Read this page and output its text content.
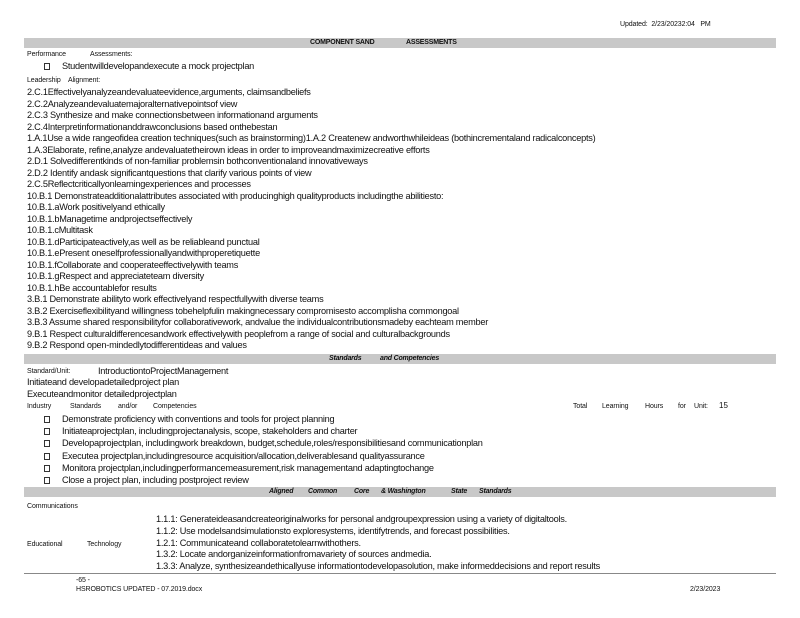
Updated: 2/23/20232:04 PM
COMPONENT SAND	ASSESSMENTS
Performance	Assessments:
Studentwilldevelopandexecute a mock projectplan
Leadership Alignment:
2.C.1Effectivelyanalyzeandevaluateevidence,arguments, claimsandbeliefs
2.C.2Analyzeandevaluatemajoralternativepointsof view
2.C.3 Synthesize and make connectionsbetween informationand arguments
2.C.4Interpretinformationanddrawconclusions based onthebestan
1.A.1Use a wide rangeofidea creation techniques(such as brainstorming)1.A.2 Createnew andworthwhileideas (bothincrementaland radicalconcepts)
1.A.3Elaborate, refine,analyze andevaluatetheirown ideas in order to improveandmaximizecreative efforts
2.D.1 Solvedifferentkinds of non-familiar problemsin bothconventionaland innovativeways
2.D.2 Identify andask significantquestions that clarify various points of view
2.C.5Reflectcriticallyonlearningexperiences and processes
10.B.1 Demonstrateadditionalattributes associated with producinghigh qualityproducts includingthe abilitiesto:
10.B.1.aWork positivelyand ethically
10.B.1.bManagetime andprojectseffectively
10.B.1.cMultitask
10.B.1.dParticipateactively,as well as be reliableand punctual
10.B.1.ePresent oneselfprofessionallyandwithproperetiquette
10.B.1.fCollaborate and cooperateeffectivelywith teams
10.B.1.gRespect and appreciateteam diversity
10.B.1.hBe accountablefor results
3.B.1 Demonstrate abilityto work effectivelyand respectfullywith diverse teams
3.B.2 Exerciseflexibilityand willingness tobehelpfulin makingnecessary compromisesto accomplisha commongoal
3.B.3 Assume shared responsibilityfor collaborativework, andvalue the individualcontributionsmadeby eachteam member
9.B.1 Respect culturaldifferencesandwork effectivelywith peoplefrom a range of social and culturalbackgrounds
9.B.2 Respond open-mindedlytodifferentideas and values
Standards	and Competencies
Standard/Unit:	IntroductiontoProjectManagement
Initiateand developadetailedproject plan
Executeandmonitor detailedprojectplan
Industry	Standards and/or Competencies	Total Learning Hours for Unit: 15
Demonstrate proficiency with conventions and tools for project planning
Initiateaprojectplan, includingprojectanalysis, scope, stakeholders and charter
Developaprojectplan, includingwork breakdown, budget,schedule,roles/responsibilitiesand communicationplan
Executea projectplan,includingresource acquisition/allocation,deliverablesand qualityassurance
Monitora projectplan,includingperformancemeasurement,risk managementand adaptingtochange
Close a project plan, including postproject review
Aligned Common Core & Washington	State Standards
Communications
Educational	Technology
1.1.1: Generateideasandcreateoriginalworks for personal andgroupexpression using a variety of digitaltools.
1.1.2: Use modelsandsimulationsto exploresystems, identifytrends, and forecast possibilities.
1.2.1: Communicateand collaboratetolearnwithothers.
1.3.2: Locate andorganizeinformationfromavariety of sources andmedia.
1.3.3: Analyze, synthesizeandethicallyuse informationtodevelopasolution, make informeddecisions and report results
-65 -
HSROBOTICS UPDATED - 07.2019.docx	2/23/2023
